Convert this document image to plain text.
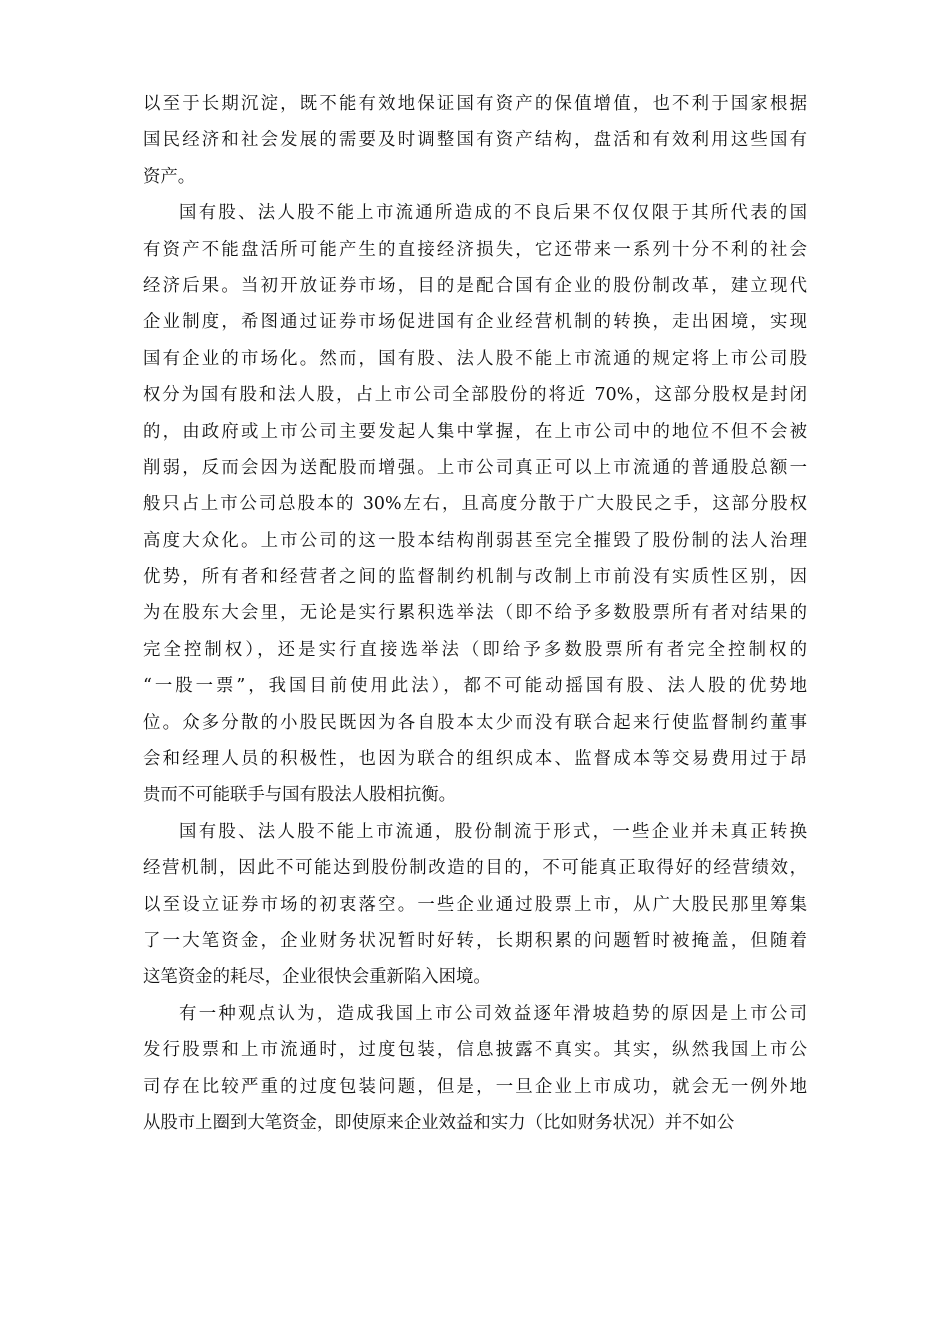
以至于长期沉淀，既不能有效地保证国有资产的保值增值，也不利于国家根据
国民经济和社会发展的需要及时调整国有资产结构，盘活和有效利用这些国有
资产。
国有股、法人股不能上市流通所造成的不良后果不仅仅限于其所代表的国
有资产不能盘活所可能产生的直接经济损失，它还带来一系列十分不利的社会
经济后果。当初开放证券市场，目的是配合国有企业的股份制改革，建立现代
企业制度，希图通过证券市场促进国有企业经营机制的转换，走出困境，实现
国有企业的市场化。然而，国有股、法人股不能上市流通的规定将上市公司股
权分为国有股和法人股，占上市公司全部股份的将近 70%，这部分股权是封闭
的，由政府或上市公司主要发起人集中掌握，在上市公司中的地位不但不会被
削弱，反而会因为送配股而增强。上市公司真正可以上市流通的普通股总额一
般只占上市公司总股本的 30%左右，且高度分散于广大股民之手，这部分股权
高度大众化。上市公司的这一股本结构削弱甚至完全摧毁了股份制的法人治理
优势，所有者和经营者之间的监督制约机制与改制上市前没有实质性区别，因
为在股东大会里，无论是实行累积选举法（即不给予多数股票所有者对结果的
完全控制权），还是实行直接选举法（即给予多数股票所有者完全控制权的
“一股一票”，我国目前使用此法），都不可能动摇国有股、法人股的优势地
位。众多分散的小股民既因为各自股本太少而没有联合起来行使监督制约董事
会和经理人员的积极性，也因为联合的组织成本、监督成本等交易费用过于昂
贵而不可能联手与国有股法人股相抗衡。
国有股、法人股不能上市流通，股份制流于形式，一些企业并未真正转换
经营机制，因此不可能达到股份制改造的目的，不可能真正取得好的经营绩效，
以至设立证券市场的初衷落空。一些企业通过股票上市，从广大股民那里筹集
了一大笔资金，企业财务状况暂时好转，长期积累的问题暂时被掩盖，但随着
这笔资金的耗尽，企业很快会重新陷入困境。
有一种观点认为，造成我国上市公司效益逐年滑坡趋势的原因是上市公司
发行股票和上市流通时，过度包装，信息披露不真实。其实，纵然我国上市公
司存在比较严重的过度包装问题，但是，一旦企业上市成功，就会无一例外地
从股市上圈到大笔资金，即使原来企业效益和实力（比如财务状况）并不如公
